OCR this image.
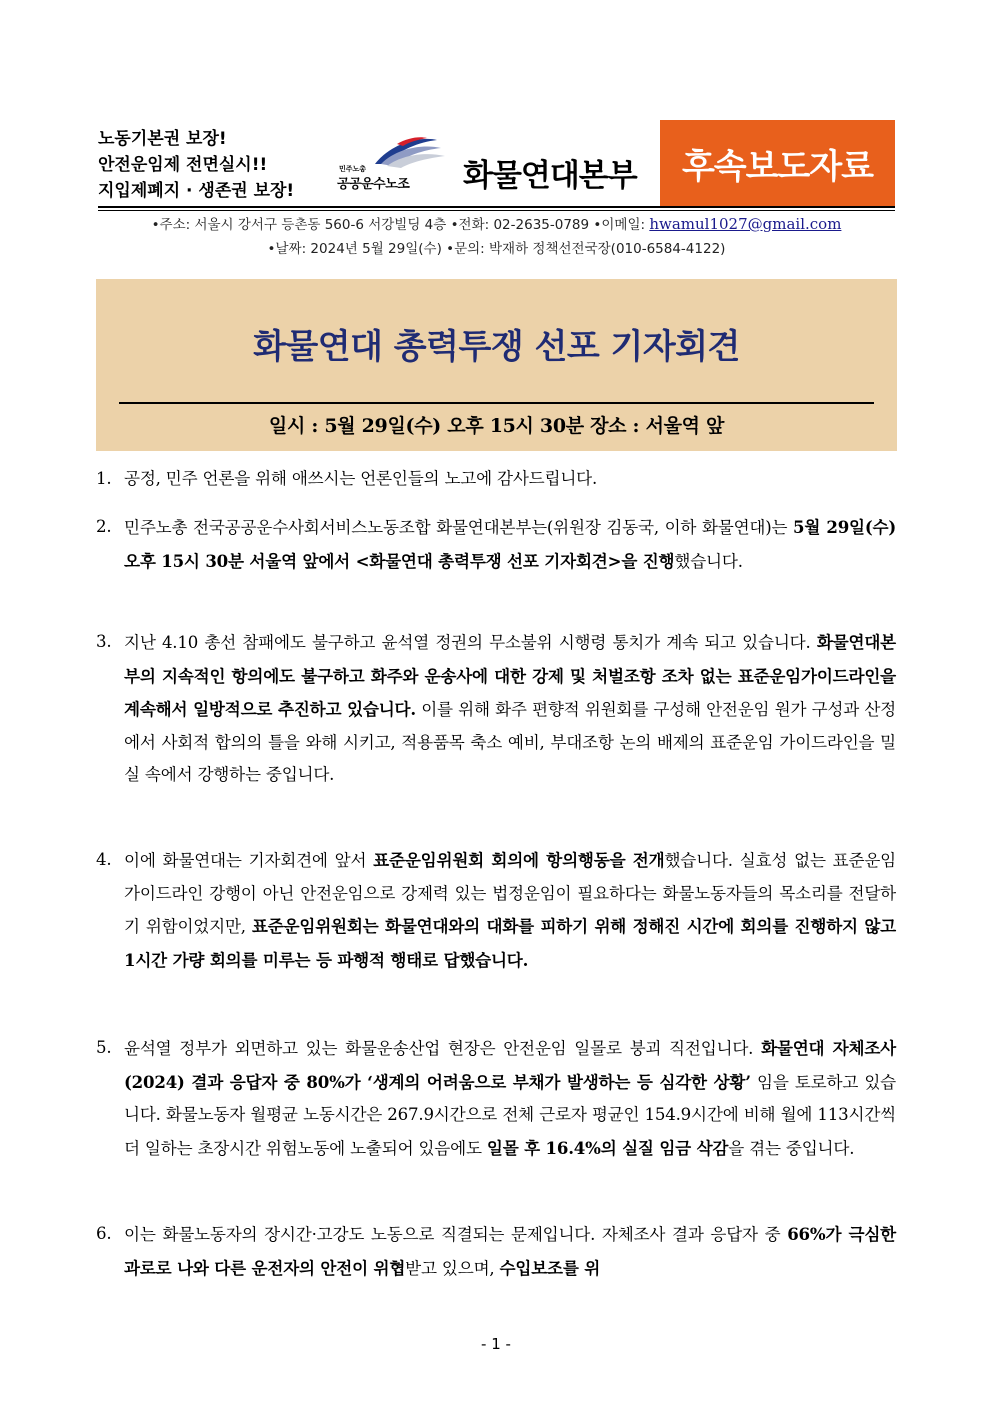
노동기본권 보장!
안전운임제 전면실시!!
지입제폐지 · 생존권 보장!
민주노총
공공운수노조 화물연대본부	후속보도자료
•주소: 서울시 강서구 등촌동 560-6 서강빌딩 4층 •전화: 02-2635-0789 •이메일: hwamul1027@gmail.com
•날짜: 2024년 5월 29일(수) •문의: 박재하 정책선전국장(010-6584-4122)
화물연대 총력투쟁 선포 기자회견
일시 : 5월 29일(수) 오후 15시 30분 장소 : 서울역 앞
1. 공정, 민주 언론을 위해 애쓰시는 언론인들의 노고에 감사드립니다.
2. 민주노총 전국공공운수사회서비스노동조합 화물연대본부는(위원장 김동국, 이하 화물연대)는 5월 29일(수) 오후 15시 30분 서울역 앞에서 <화물연대 총력투쟁 선포 기자회견>을 진행했습니다.
3. 지난 4.10 총선 참패에도 불구하고 윤석열 정권의 무소불위 시행령 통치가 계속 되고 있습니다. 화물연대본부의 지속적인 항의에도 불구하고 화주와 운송사에 대한 강제 및 처벌조항 조차 없는 표준운임가이드라인을 계속해서 일방적으로 추진하고 있습니다. 이를 위해 화주 편향적 위원회를 구성해 안전운임 원가 구성과 산정에서 사회적 합의의 틀을 와해 시키고, 적용품목 축소 예비, 부대조항 논의 배제의 표준운임 가이드라인을 밀실 속에서 강행하는 중입니다.
4. 이에 화물연대는 기자회견에 앞서 표준운임위원회 회의에 항의행동을 전개했습니다. 실효성 없는 표준운임 가이드라인 강행이 아닌 안전운임으로 강제력 있는 법정운임이 필요하다는 화물노동자들의 목소리를 전달하기 위함이었지만, 표준운임위원회는 화물연대와의 대화를 피하기 위해 정해진 시간에 회의를 진행하지 않고 1시간 가량 회의를 미루는 등 파행적 행태로 답했습니다.
5. 윤석열 정부가 외면하고 있는 화물운송산업 현장은 안전운임 일몰로 붕괴 직전입니다. 화물연대 자체조사(2024) 결과 응답자 중 80%가 ‘생계의 어려움으로 부채가 발생하는 등 심각한 상황’ 임을 토로하고 있습니다. 화물노동자 월평균 노동시간은 267.9시간으로 전체 근로자 평균인 154.9시간에 비해 월에 113시간씩 더 일하는 초장시간 위험노동에 노출되어 있음에도 일몰 후 16.4%의 실질 임금 삭감을 겪는 중입니다.
6. 이는 화물노동자의 장시간·고강도 노동으로 직결되는 문제입니다. 자체조사 결과 응답자 중 66%가 극심한 과로로 나와 다른 운전자의 안전이 위협받고 있으며, 수입보조를 위
- 1 -
